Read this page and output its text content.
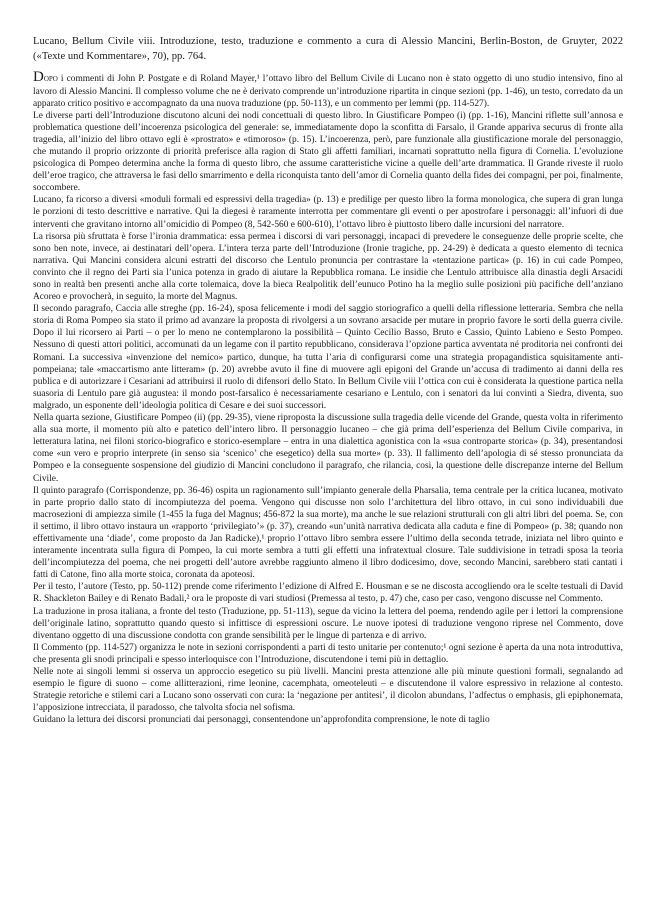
Lucano, Bellum Civile viii. Introduzione, testo, traduzione e commento a cura di Alessio Mancini, Berlin-Boston, de Gruyter, 2022 («Texte und Kommentare», 70), pp. 764.

Dopo i commenti di John P. Postgate e di Roland Mayer,¹ l’ottavo libro del Bellum Civile di Lucano non è stato oggetto di uno studio intensivo, fino al lavoro di Alessio Mancini. Il complesso volume che ne è derivato comprende un’introduzione ripartita in cinque sezioni (pp. 1-46), un testo, corredato da un apparato critico positivo e accompagnato da una nuova traduzione (pp. 50-113), e un commento per lemmi (pp. 114-527).

Le diverse parti dell’Introduzione discutono alcuni dei nodi concettuali di questo libro. In Giustificare Pompeo (i) (pp. 1-16), Mancini riflette sull’annosa e problematica questione dell’incoerenza psicologica del generale: se, immediatamente dopo la sconfitta di Farsalo, il Grande appariva securus di fronte alla tragedia, all’inizio del libro ottavo egli è «prostrato» e «timoroso» (p. 15). L’incoerenza, però, pare funzionale alla giustificazione morale del personaggio, che mutando il proprio orizzonte di priorità preferisce alla ragion di Stato gli affetti familiari, incarnati soprattutto nella figura di Cornelia. L’evoluzione psicologica di Pompeo determina anche la forma di questo libro, che assume caratteristiche vicine a quelle dell’arte drammatica. Il Grande riveste il ruolo dell’eroe tragico, che attraversa le fasi dello smarrimento e della riconquista tanto dell’amor di Cornelia quanto della fides dei compagni, per poi, finalmente, soccombere.

Lucano, fa ricorso a diversi «moduli formali ed espressivi della tragedia» (p. 13) e predilige per questo libro la forma monologica, che supera di gran lunga le porzioni di testo descrittive e narrative. Qui la diegesi è raramente interrotta per commentare gli eventi o per apostrofare i personaggi: all’infuori di due interventi che gravitano intorno all’omicidio di Pompeo (8, 542-560 e 600-610), l’ottavo libro è piuttosto libero dalle incursioni del narratore.

La risorsa più sfruttata è forse l’ironia drammatica: essa permea i discorsi di vari personaggi, incapaci di prevedere le conseguenze delle proprie scelte, che sono ben note, invece, ai destinatari dell’opera. L’intera terza parte dell’Introduzione (Ironie tragiche, pp. 24-29) è dedicata a questo elemento di tecnica narrativa. Qui Mancini considera alcuni estratti del discorso che Lentulo pronuncia per contrastare la «tentazione partica» (p. 16) in cui cade Pompeo, convinto che il regno dei Parti sia l’unica potenza in grado di aiutare la Repubblica romana. Le insidie che Lentulo attribuisce alla dinastia degli Arsacidi sono in realtà ben presenti anche alla corte tolemaica, dove la bieca Realpolitik dell’eunuco Potino ha la meglio sulle posizioni più pacifiche dell’anziano Acoreo e provocherà, in seguito, la morte del Magnus.

Il secondo paragrafo, Caccia alle streghe (pp. 16-24), sposa felicemente i modi del saggio storiografico a quelli della riflessione letteraria. Sembra che nella storia di Roma Pompeo sia stato il primo ad avanzare la proposta di rivolgersi a un sovrano arsacide per mutare in proprio favore le sorti della guerra civile. Dopo il lui ricorsero ai Parti – o per lo meno ne contemplarono la possibilità – Quinto Cecilio Basso, Bruto e Cassio, Quinto Labieno e Sesto Pompeo. Nessuno di questi attori politici, accomunati da un legame con il partito repubblicano, considerava l’opzione partica avventata né proditoria nei confronti dei Romani. La successiva «invenzione del nemico» partico, dunque, ha tutta l’aria di configurarsi come una strategia propagandistica squisitamente anti-pompeiana; tale «maccartismo ante litteram» (p. 20) avrebbe avuto il fine di muovere agli epigoni del Grande un’accusa di tradimento ai danni della res publica e di autorizzare i Cesariani ad attribuirsi il ruolo di difensori dello Stato. In Bellum Civile viii l’ottica con cui è considerata la questione partica nella suasoria di Lentulo pare già augustea: il mondo post-farsalico è necessariamente cesariano e Lentulo, con i senatori da lui convinti a Siedra, diventa, suo malgrado, un esponente dell’ideologia politica di Cesare e dei suoi successori.

Nella quarta sezione, Giustificare Pompeo (ii) (pp. 29-35), viene riproposta la discussione sulla tragedia delle vicende del Grande, questa volta in riferimento alla sua morte, il momento più alto e patetico dell’intero libro. Il personaggio lucaneo – che già prima dell’esperienza del Bellum Civile compariva, in letteratura latina, nei filoni storico-biografico e storico-esemplare – entra in una dialettica agonistica con la «sua controparte storica» (p. 34), presentandosi come «un vero e proprio interprete (in senso sia ‘scenico’ che esegetico) della sua morte» (p. 33). Il fallimento dell’apologia di sé stesso pronunciata da Pompeo e la conseguente sospensione del giudizio di Mancini concludono il paragrafo, che rilancia, così, la questione delle discrepanze interne del Bellum Civile.

Il quinto paragrafo (Corrispondenze, pp. 36-46) ospita un ragionamento sull’impianto generale della Pharsalia, tema centrale per la critica lucanea, motivato in parte proprio dallo stato di incompiutezza del poema. Vengono qui discusse non solo l’architettura del libro ottavo, in cui sono individuabili due macrosezioni di ampiezza simile (1-455 la fuga del Magnus; 456-872 la sua morte), ma anche le sue relazioni strutturali con gli altri libri del poema. Se, con il settimo, il libro ottavo instaura un «rapporto ‘privilegiato’» (p. 37), creando «un’unità narrativa dedicata alla caduta e fine di Pompeo» (p. 38; quando non effettivamente una ‘diade’, come proposto da Jan Radicke),¹ proprio l’ottavo libro sembra essere l’ultimo della seconda tetrade, iniziata nel libro quinto e interamente incentrata sulla figura di Pompeo, la cui morte sembra a tutti gli effetti una infratextual closure. Tale suddivisione in tetradi sposa la teoria dell’incompiutezza del poema, che nei progetti dell’autore avrebbe raggiunto almeno il libro dodicesimo, dove, secondo Mancini, sarebbero stati cantati i fatti di Catone, fino alla morte stoica, coronata da apoteosi.

Per il testo, l’autore (Testo, pp. 50-112) prende come riferimento l’edizione di Alfred E. Housman e se ne discosta accogliendo ora le scelte testuali di David R. Shackleton Bailey e di Renato Badali,² ora le proposte di vari studiosi (Premessa al testo, p. 47) che, caso per caso, vengono discusse nel Commento.

La traduzione in prosa italiana, a fronte del testo (Traduzione, pp. 51-113), segue da vicino la lettera del poema, rendendo agile per i lettori la comprensione dell’originale latino, soprattutto quando questo si infittisce di espressioni oscure. Le nuove ipotesi di traduzione vengono riprese nel Commento, dove diventano oggetto di una discussione condotta con grande sensibilità per le lingue di partenza e di arrivo.

Il Commento (pp. 114-527) organizza le note in sezioni corrispondenti a parti di testo unitarie per contenuto;¹ ogni sezione è aperta da una nota introduttiva, che presenta gli snodi principali e spesso interloquisce con l’Introduzione, discutendone i temi più in dettaglio.

Nelle note ai singoli lemmi si osserva un approccio esegetico su più livelli. Mancini presta attenzione alle più minute questioni formali, segnalando ad esempio le figure di suono – come allitterazioni, rime leonine, cacemphata, omeoteleuti – e discutendone il valore espressivo in relazione al contesto. Strategie retoriche e stilemi cari a Lucano sono osservati con cura: la ‘negazione per antitesi’, il dicolon abundans, l’adfectus o emphasis, gli epiphonemata, l’apposizione intrecciata, il paradosso, che talvolta sfocia nel sofisma.

Guidano la lettura dei discorsi pronunciati dai personaggi, consentendone un’approfondita comprensione, le note di taglio
